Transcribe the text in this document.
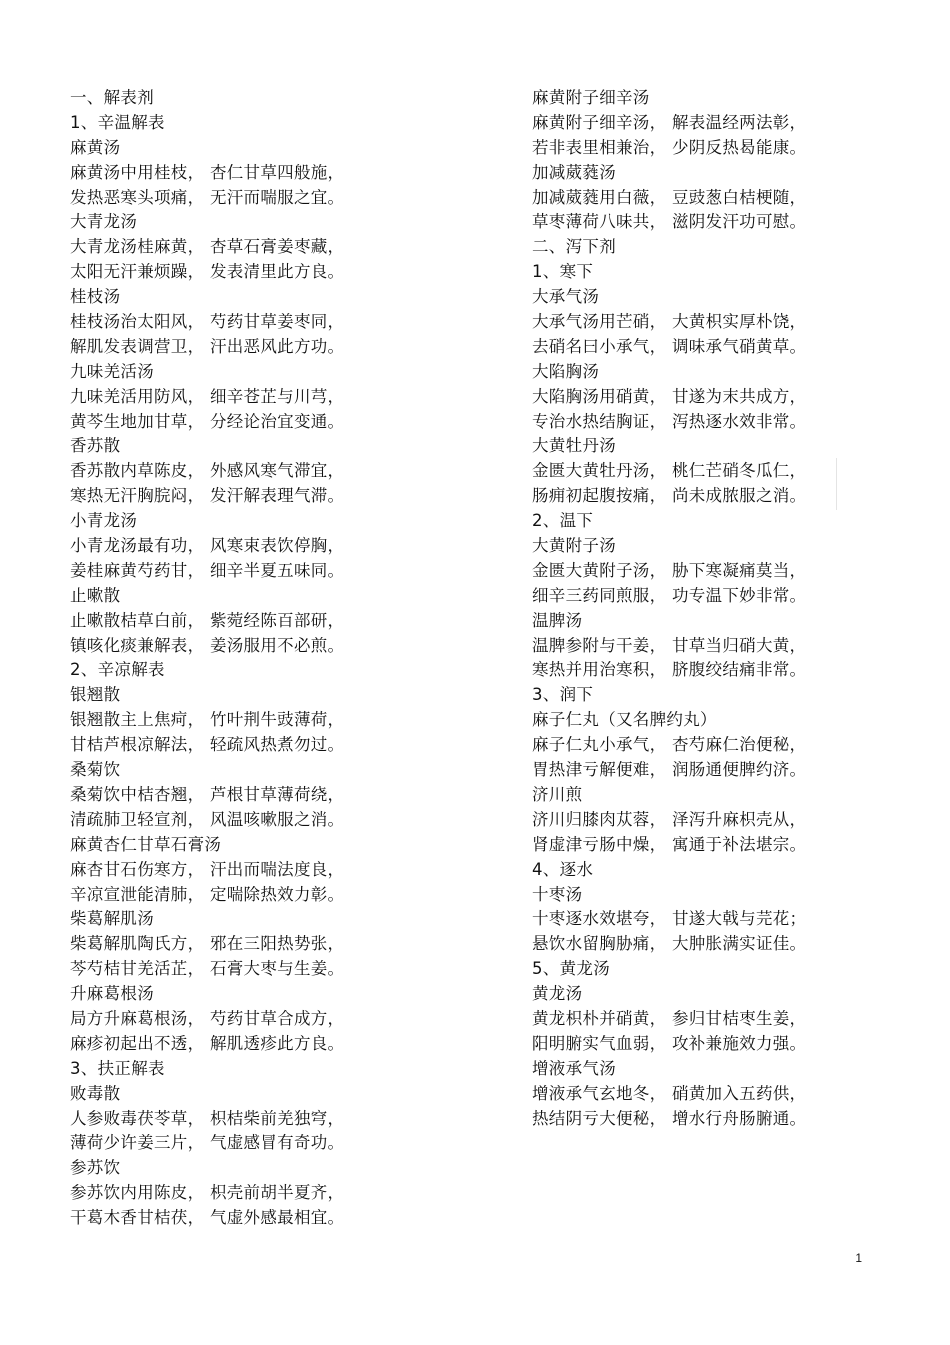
一、解表剂
1、辛温解表
麻黄汤
麻黄汤中用桂枝， 杏仁甘草四般施，
发热恶寒头项痛， 无汗而喘服之宜。
大青龙汤
大青龙汤桂麻黄， 杏草石膏姜枣藏，
太阳无汗兼烦躁， 发表清里此方良。
桂枝汤
桂枝汤治太阳风， 芍药甘草姜枣同，
解肌发表调营卫， 汗出恶风此方功。
九味羌活汤
九味羌活用防风， 细辛苍芷与川芎，
黄芩生地加甘草， 分经论治宜变通。
香苏散
香苏散内草陈皮， 外感风寒气滞宜，
寒热无汗胸脘闷， 发汗解表理气滞。
小青龙汤
小青龙汤最有功， 风寒束表饮停胸，
姜桂麻黄芍药甘， 细辛半夏五味同。
止嗽散
止嗽散桔草白前， 紫菀经陈百部研，
镇咳化痰兼解表， 姜汤服用不必煎。
2、辛凉解表
银翘散
银翘散主上焦疴， 竹叶荆牛豉薄荷，
甘桔芦根凉解法， 轻疏风热煮勿过。
桑菊饮
桑菊饮中桔杏翘， 芦根甘草薄荷绕，
清疏肺卫轻宣剂， 风温咳嗽服之消。
麻黄杏仁甘草石膏汤
麻杏甘石伤寒方， 汗出而喘法度良，
辛凉宣泄能清肺， 定喘除热效力彰。
柴葛解肌汤
柴葛解肌陶氏方， 邪在三阳热势张，
芩芍桔甘羌活芷， 石膏大枣与生姜。
升麻葛根汤
局方升麻葛根汤， 芍药甘草合成方，
麻疹初起出不透， 解肌透疹此方良。
3、扶正解表
败毒散
人参败毒茯苓草， 枳桔柴前羌独穹，
薄荷少许姜三片， 气虚感冒有奇功。
参苏饮
参苏饮内用陈皮， 枳壳前胡半夏齐，
干葛木香甘桔茯， 气虚外感最相宜。
麻黄附子细辛汤
麻黄附子细辛汤， 解表温经两法彰，
若非表里相兼治， 少阴反热曷能康。
加减葳蕤汤
加减葳蕤用白薇， 豆豉葱白桔梗随，
草枣薄荷八味共， 滋阴发汗功可慰。
二、泻下剂
1、寒下
大承气汤
大承气汤用芒硝， 大黄枳实厚朴饶，
去硝名曰小承气， 调味承气硝黄草。
大陷胸汤
大陷胸汤用硝黄， 甘遂为末共成方，
专治水热结胸证， 泻热逐水效非常。
大黄牡丹汤
金匮大黄牡丹汤， 桃仁芒硝冬瓜仁，
肠痈初起腹按痛， 尚未成脓服之消。
2、温下
大黄附子汤
金匮大黄附子汤， 胁下寒凝痛莫当，
细辛三药同煎服， 功专温下妙非常。
温脾汤
温脾参附与干姜， 甘草当归硝大黄，
寒热并用治寒积， 脐腹绞结痛非常。
3、润下
麻子仁丸（又名脾约丸）
麻子仁丸小承气， 杏芍麻仁治便秘，
胃热津亏解便难， 润肠通便脾约济。
济川煎
济川归膝肉苁蓉， 泽泻升麻枳壳从，
肾虚津亏肠中燥， 寓通于补法堪宗。
4、逐水
十枣汤
十枣逐水效堪夸， 甘遂大戟与芫花；
悬饮水留胸胁痛， 大肿胀满实证佳。
5、黄龙汤
黄龙汤
黄龙枳朴并硝黄， 参归甘桔枣生姜，
阳明腑实气血弱， 攻补兼施效力强。
增液承气汤
增液承气玄地冬， 硝黄加入五药供，
热结阴亏大便秘， 增水行舟肠腑通。
1
